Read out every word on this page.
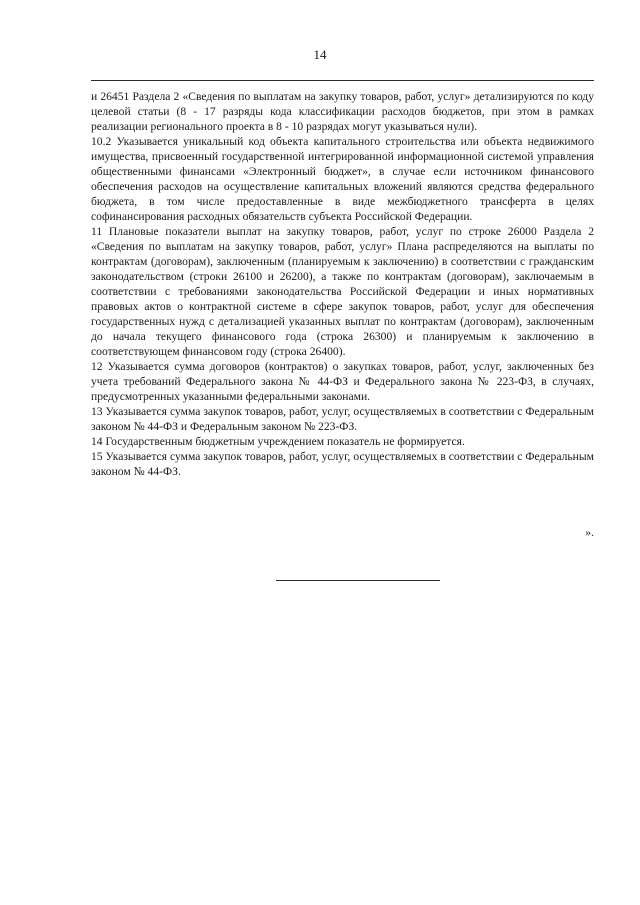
14

и 26451 Раздела 2 «Сведения по выплатам на закупку товаров, работ, услуг» детализируются по коду целевой статьи (8 - 17 разряды кода классификации расходов бюджетов, при этом в рамках реализации регионального проекта в 8 - 10 разрядах могут указываться нули).

10.2 Указывается уникальный код объекта капитального строительства или объекта недвижимого имущества, присвоенный государственной интегрированной информационной системой управления общественными финансами «Электронный бюджет», в случае если источником финансового обеспечения расходов на осуществление капитальных вложений являются средства федерального бюджета, в том числе предоставленные в виде межбюджетного трансферта в целях софинансирования расходных обязательств субъекта Российской Федерации.

11 Плановые показатели выплат на закупку товаров, работ, услуг по строке 26000 Раздела 2 «Сведения по выплатам на закупку товаров, работ, услуг» Плана распределяются на выплаты по контрактам (договорам), заключенным (планируемым к заключению) в соответствии с гражданским законодательством (строки 26100 и 26200), а также по контрактам (договорам), заключаемым в соответствии с требованиями законодательства Российской Федерации и иных нормативных правовых актов о контрактной системе в сфере закупок товаров, работ, услуг для обеспечения государственных нужд с детализацией указанных выплат по контрактам (договорам), заключенным до начала текущего финансового года (строка 26300) и планируемым к заключению в соответствующем финансовом году (строка 26400).

12 Указывается сумма договоров (контрактов) о закупках товаров, работ, услуг, заключенных без учета требований Федерального закона № 44-ФЗ и Федерального закона № 223-ФЗ, в случаях, предусмотренных указанными федеральными законами.

13 Указывается сумма закупок товаров, работ, услуг, осуществляемых в соответствии с Федеральным законом № 44-ФЗ и Федеральным законом № 223-ФЗ.

14 Государственным бюджетным учреждением показатель не формируется.

15 Указывается сумма закупок товаров, работ, услуг, осуществляемых в соответствии с Федеральным законом № 44-ФЗ.

».
